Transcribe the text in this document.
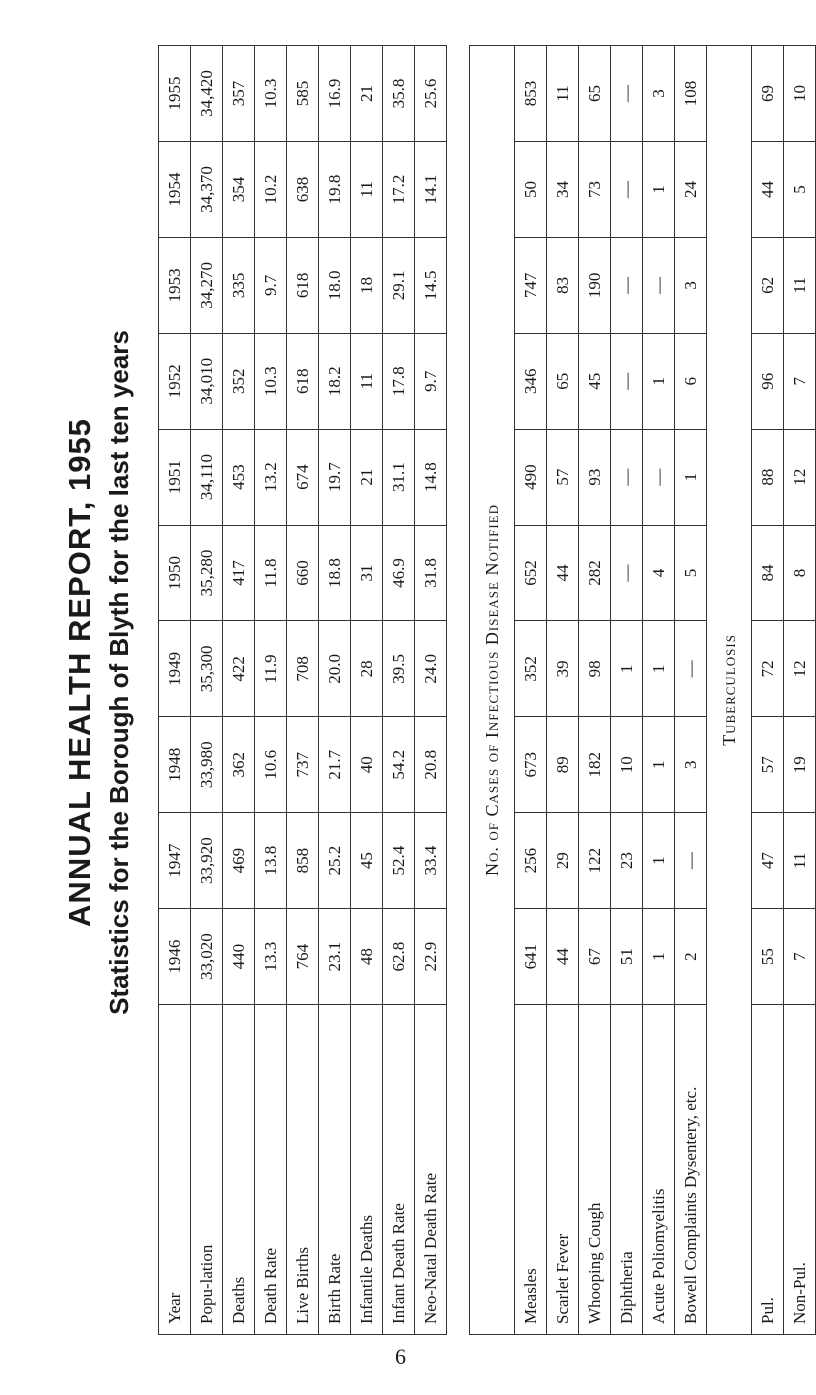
6
ANNUAL HEALTH REPORT, 1955 Statistics for the Borough of Blyth for the last ten years
Year	1946	1947	1948	1949	1950	1951	1952	1953	1954	1955
Popu-lation	33,020	33,920	33,980	35,300	35,280	34,110	34,010	34,270	34,370	34,420
Deaths	440	469	362	422	417	453	352	335	354	357
Death Rate	13.3	13.8	10.6	11.9	11.8	13.2	10.3	9.7	10.2	10.3
Live Births	764	858	737	708	660	674	618	618	638	585
Birth Rate	23.1	25.2	21.7	20.0	18.8	19.7	18.2	18.0	19.8	16.9
Infantile Deaths	48	45	40	28	31	21	11	18	11	21
Infant Death Rate	62.8	52.4	54.2	39.5	46.9	31.1	17.8	29.1	17.2	35.8
Neo-Natal Death Rate	22.9	33.4	20.8	24.0	31.8	14.8	9.7	14.5	14.1	25.6

No. of Cases of Infectious Disease Notified										
Measles	641	256	673	352	652	490	346	747	50	853
Scarlet Fever	44	29	89	39	44	57	65	83	34	11
Whooping Cough	67	122	182	98	282	93	45	190	73	65
Diphtheria	51	23	10	1	—	—	—	—	—	—
Acute Poliomyelitis	1	1	1	1	4	—	1	—	1	3
Bowell Complaints Dysentery, etc.	2	—	3	—	5	1	6	3	24	108
Tuberculosis										
Pul.	55	47	57	72	84	88	96	62	44	69
Non-Pul.	7	11	19	12	8	12	7	11	5	10
